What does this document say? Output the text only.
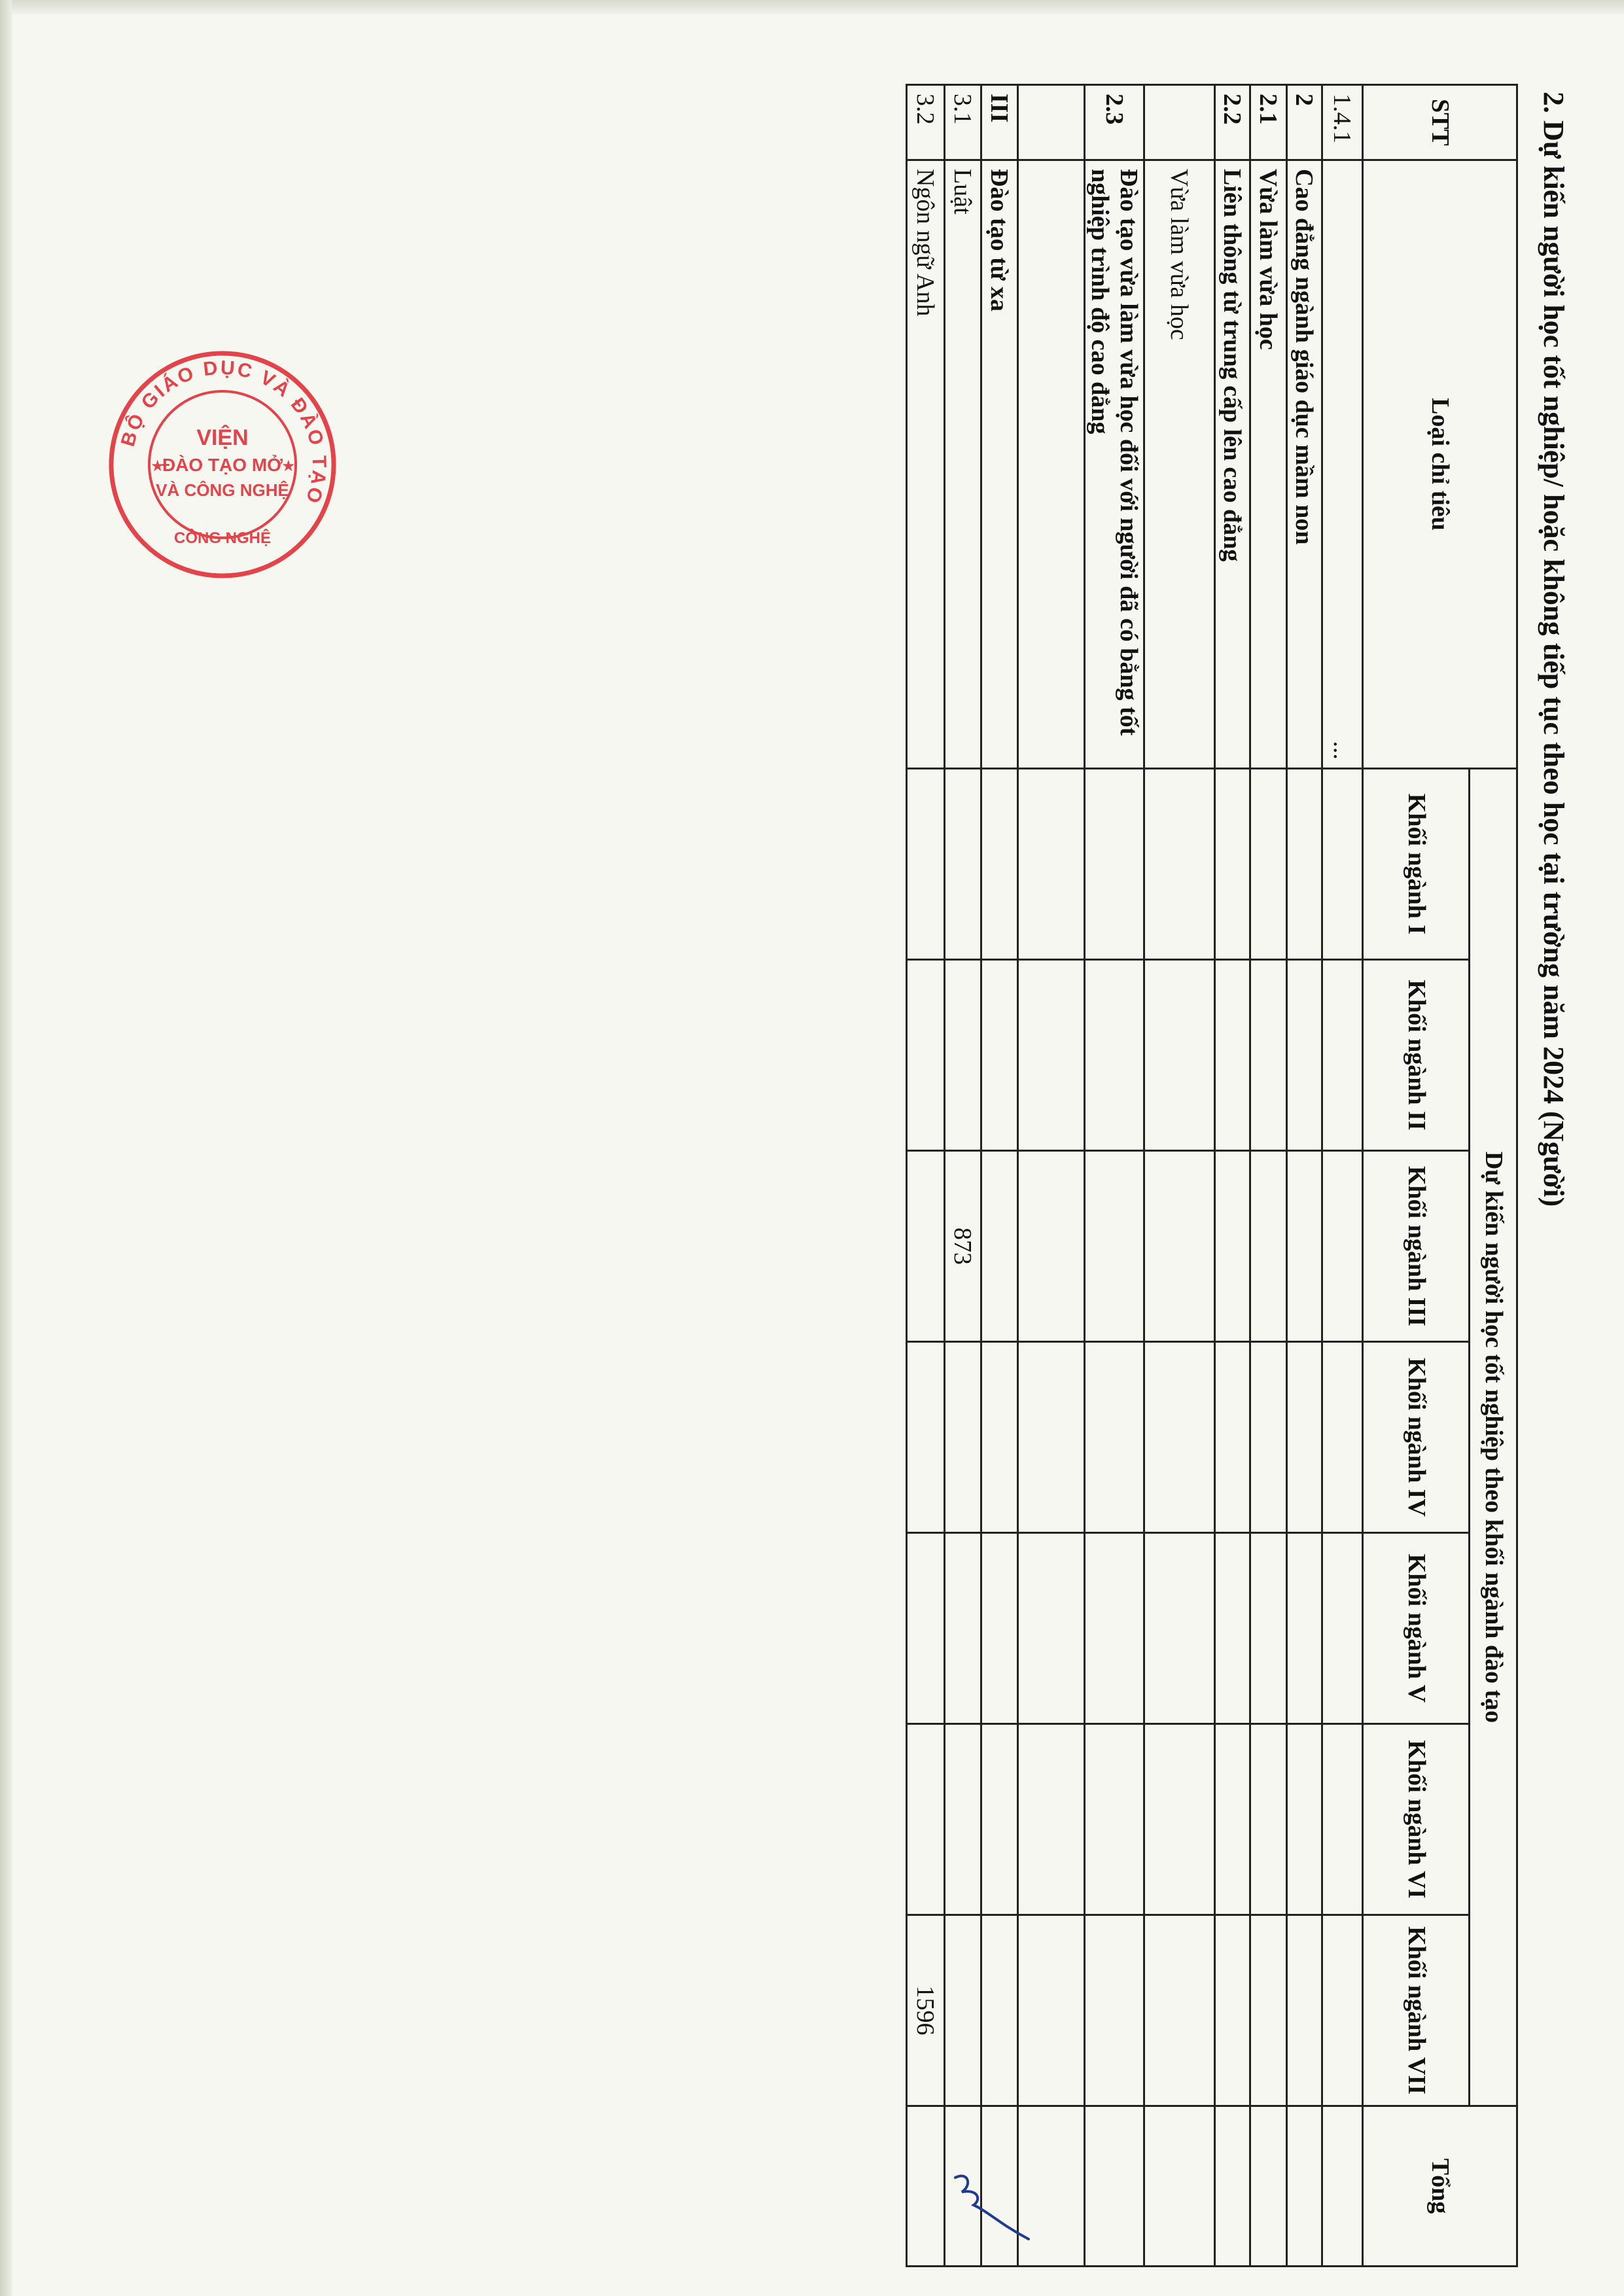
2. Dự kiến người học tốt nghiệp/ hoặc không tiếp tục theo học tại trường năm 2024 (Người)
STT	Loại chỉ tiêu	Dự kiến người học tốt nghiệp theo khối ngành đào tạo							Tổng
		Khối ngành I	Khối ngành II	Khối ngành III	Khối ngành IV	Khối ngành V	Khối ngành VI	Khối ngành VII	
1.4.1	...								
2	Cao đẳng ngành giáo dục mầm non								
2.1	Vừa làm vừa học								
2.2	Liên thông từ trung cấp lên cao đẳng								
	Vừa làm vừa học								
2.3	Đào tạo vừa làm vừa học đối với người đã có bằng tốt nghiệp trình độ cao đẳng								

III	Đào tạo từ xa								
3.1	Luật			873					
3.2	Ngôn ngữ Anh							1596	
BỘ GIÁO DỤC VÀ ĐÀO TẠO
VIỆN
ĐÀO TẠO MỞ
VÀ CÔNG NGHỆ
CÔNG NGHỆ
★	★
